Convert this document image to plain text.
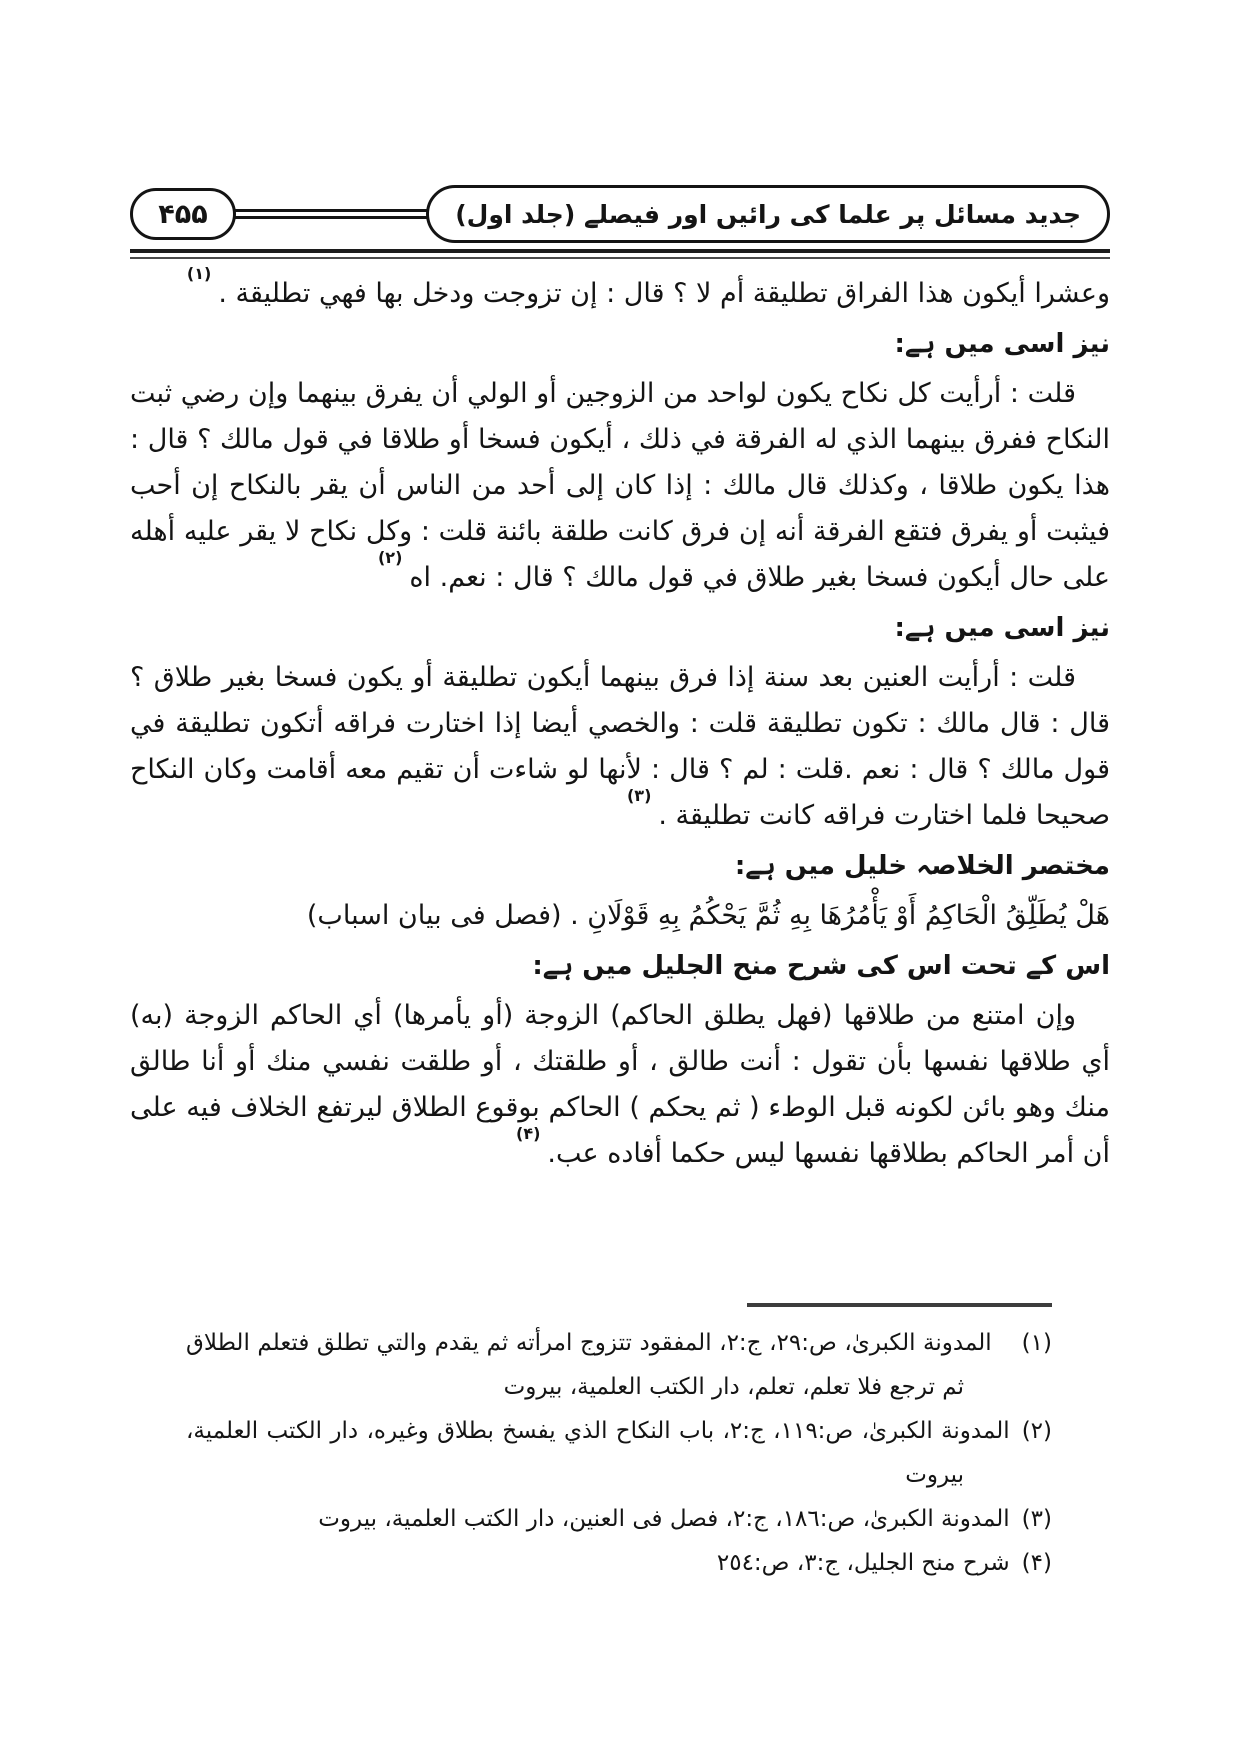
۴۵۵	جدید مسائل پر علما کی رائیں اور فیصلے (جلد اول)

وعشرا أيكون هذا الفراق تطليقة أم لا ؟ قال : إن تزوجت ودخل بها فهي تطليقة .$^{(١)}$

نیز اسی میں ہے:

قلت : أرأيت كل نكاح يكون لواحد من الزوجين أو الولي أن يفرق بينهما وإن رضي ثبت النكاح ففرق بينهما الذي له الفرقة في ذلك ، أيكون فسخا أو طلاقا في قول مالك ؟ قال : هذا يكون طلاقا ، وكذلك قال مالك : إذا كان إلى أحد من الناس أن يقر بالنكاح إن أحب فيثبت أو يفرق فتقع الفرقة أنه إن فرق كانت طلقة بائنة قلت : وكل نكاح لا يقر عليه أهله على حال أيكون فسخا بغير طلاق في قول مالك ؟ قال : نعم. اه$^{(٢)}$

نیز اسی میں ہے:

قلت : أرأيت العنين بعد سنة إذا فرق بينهما أيكون تطليقة أو يكون فسخا بغير طلاق ؟ قال : قال مالك : تكون تطليقة قلت : والخصي أيضا إذا اختارت فراقه أتكون تطليقة في قول مالك ؟ قال : نعم .قلت : لم ؟ قال : لأنها لو شاءت أن تقيم معه أقامت وكان النكاح صحيحا فلما اختارت فراقه كانت تطليقة .$^{(٣)}$

مختصر الخلاصہ خلیل میں ہے:

هَلْ يُطَلِّقُ الْحَاكِمُ أَوْ يَأْمُرُهَا بِهِ ثُمَّ يَحْكُمُ بِهِ قَوْلَانِ . (فصل فى بيان اسباب)

اس کے تحت اس کی شرح منح الجلیل میں ہے:

وإن امتنع من طلاقها (فهل يطلق الحاكم) الزوجة (أو يأمرها) أي الحاكم الزوجة (به) أي طلاقها نفسها بأن تقول : أنت طالق ، أو طلقتك ، أو طلقت نفسي منك أو أنا طالق منك وهو بائن لكونه قبل الوطء ( ثم يحكم ) الحاكم بوقوع الطلاق ليرتفع الخلاف فيه على أن أمر الحاكم بطلاقها نفسها ليس حكما أفاده عب.$^{(۴)}$

(١)المدونة الكبرىٰ، ص:٢٩، ج:٢، المفقود تتزوج امرأته ثم يقدم والتي تطلق فتعلم الطلاق ثم ترجع فلا تعلم، تعلم، دار الكتب العلمية، بيروت

(٢)المدونة الكبرىٰ، ص:١١٩، ج:٢، باب النكاح الذي يفسخ بطلاق وغيره، دار الكتب العلمية، بيروت

(٣)المدونة الكبرىٰ، ص:١٨٦، ج:٢، فصل فى العنين، دار الكتب العلمية، بيروت

(۴)شرح منح الجليل، ج:٣، ص:٢٥٤
